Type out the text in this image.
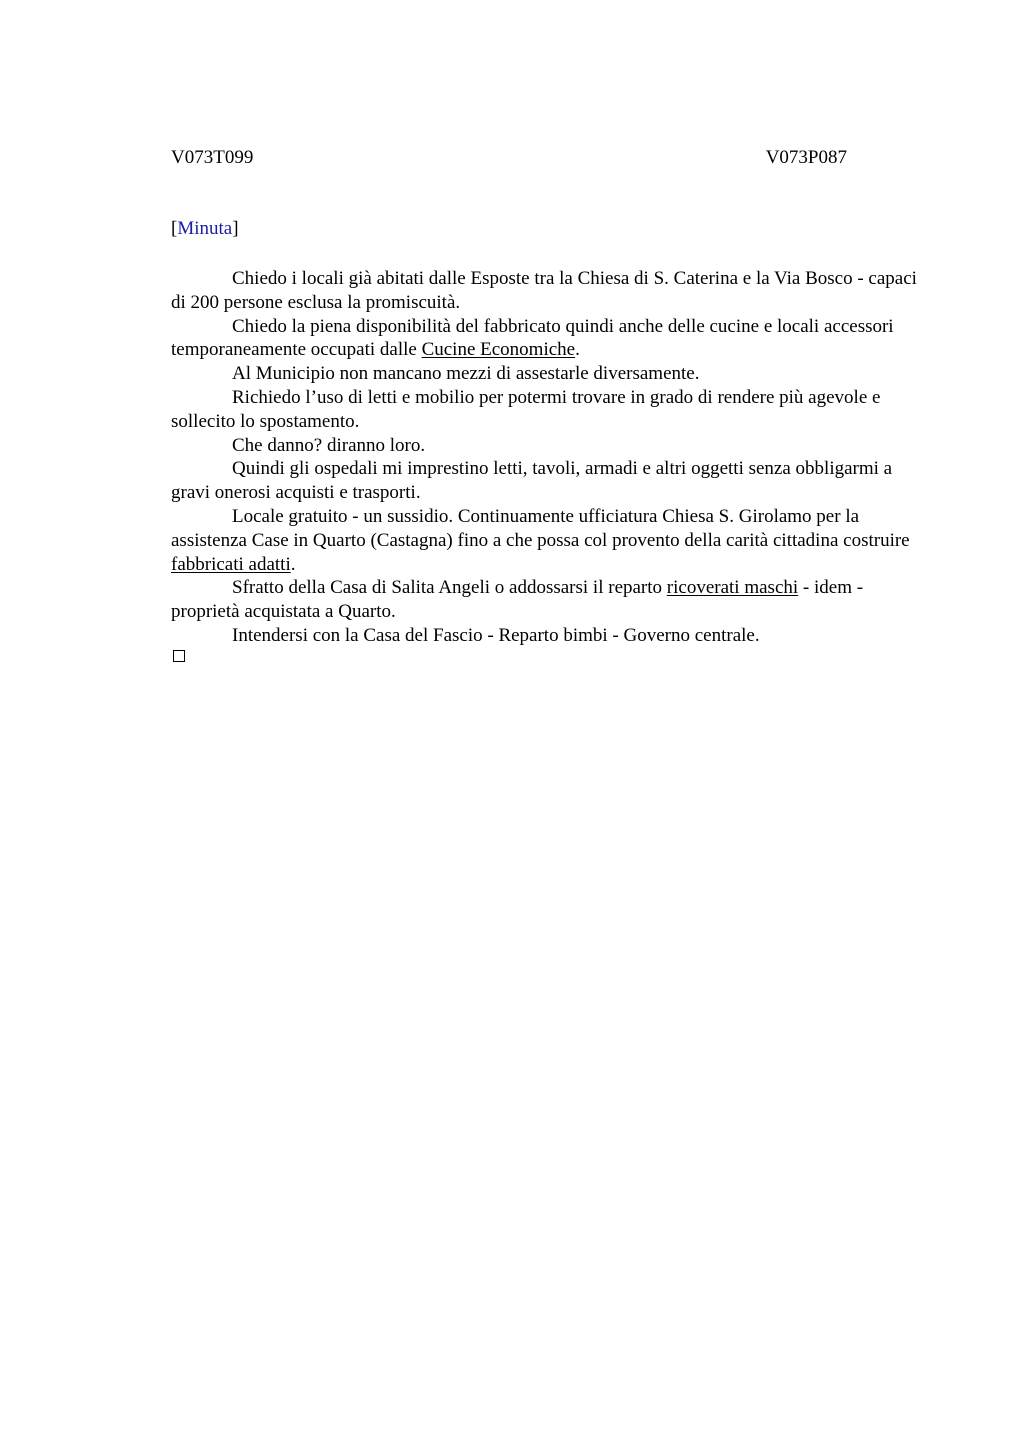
V073T099	V073P087
[Minuta]

Chiedo i locali già abitati dalle Esposte tra la Chiesa di S. Caterina e la Via Bosco - capaci di 200 persone esclusa la promiscuità.

Chiedo la piena disponibilità del fabbricato quindi anche delle cucine e locali accessori temporaneamente occupati dalle Cucine Economiche.

Al Municipio non mancano mezzi di assestarle diversamente.

Richiedo l’uso di letti e mobilio per potermi trovare in grado di rendere più agevole e sollecito lo spostamento.

Che danno? diranno loro.

Quindi gli ospedali mi imprestino letti, tavoli, armadi e altri oggetti senza obbligarmi a gravi onerosi acquisti e trasporti.

Locale gratuito - un sussidio. Continuamente ufficiatura Chiesa S. Girolamo per la assistenza Case in Quarto (Castagna) fino a che possa col provento della carità cittadina costruire fabbricati adatti.

Sfratto della Casa di Salita Angeli o addossarsi il reparto ricoverati maschi - idem - proprietà acquistata a Quarto.

Intendersi con la Casa del Fascio - Reparto bimbi - Governo centrale.
